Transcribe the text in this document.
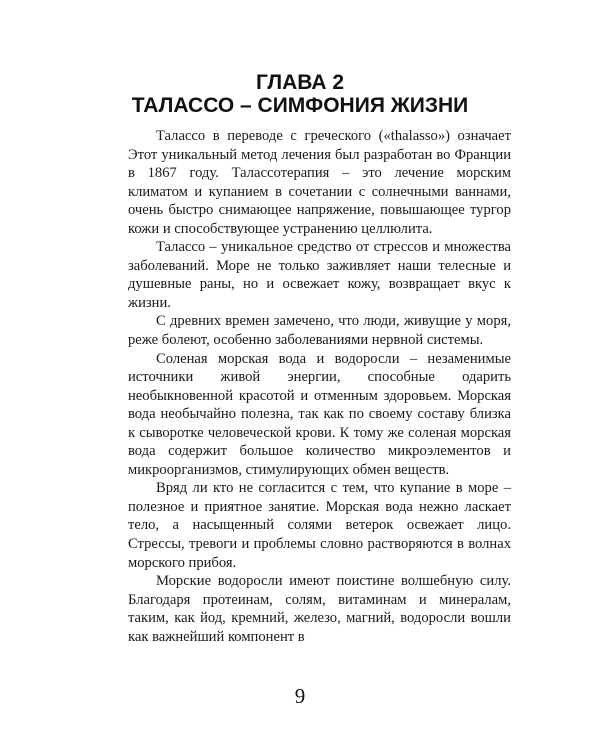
ГЛАВА 2
ТАЛАССО – СИМФОНИЯ ЖИЗНИ

Талассо в переводе с греческого («thalasso») означает Этот уникальный метод лечения был разработан во Франции в 1867 году. Талассотерапия – это лечение морским климатом и купанием в сочетании с солнечными ваннами, очень быстро снимающее напряжение, повышающее тургор кожи и способствующее устранению целлюлита.

Талассо – уникальное средство от стрессов и множества заболеваний. Море не только заживляет наши телесные и душевные раны, но и освежает кожу, возвращает вкус к жизни.

С древних времен замечено, что люди, живущие у моря, реже болеют, особенно заболеваниями нервной системы.

Соленая морская вода и водоросли – незаменимые источники живой энергии, способные одарить необыкновенной красотой и отменным здоровьем. Морская вода необычайно полезна, так как по своему составу близка к сыворотке человеческой крови. К тому же соленая морская вода содержит большое количество микроэлементов и микроорганизмов, стимулирующих обмен веществ.

Вряд ли кто не согласится с тем, что купание в море – полезное и приятное занятие. Морская вода нежно ласкает тело, а насыщенный солями ветерок освежает лицо. Стрессы, тревоги и проблемы словно растворяются в волнах морского прибоя.

Морские водоросли имеют поистине волшебную силу. Благодаря протеинам, солям, витаминам и минералам, таким, как йод, кремний, железо, магний, водоросли вошли как важнейший компонент в

9
